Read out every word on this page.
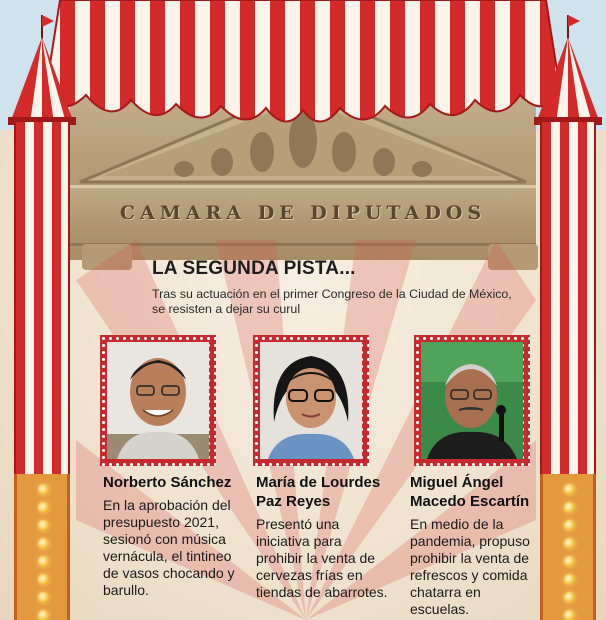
CAMARA DE DIPUTADOS
LA SEGUNDA PISTA...
Tras su actuación en el primer Congreso de la Ciudad de México, se resisten a dejar su curul
Norberto Sánchez
En la aprobación del presupuesto 2021, sesionó con música vernácula, el tintineo de vasos chocando y barullo.
María de Lourdes Paz Reyes
Presentó una iniciativa para prohibir la venta de cervezas frías en tiendas de abarrotes.
Miguel Ángel Macedo Escartín
En medio de la pandemia, propuso prohibir la venta de refrescos y comida chatarra en escuelas.
